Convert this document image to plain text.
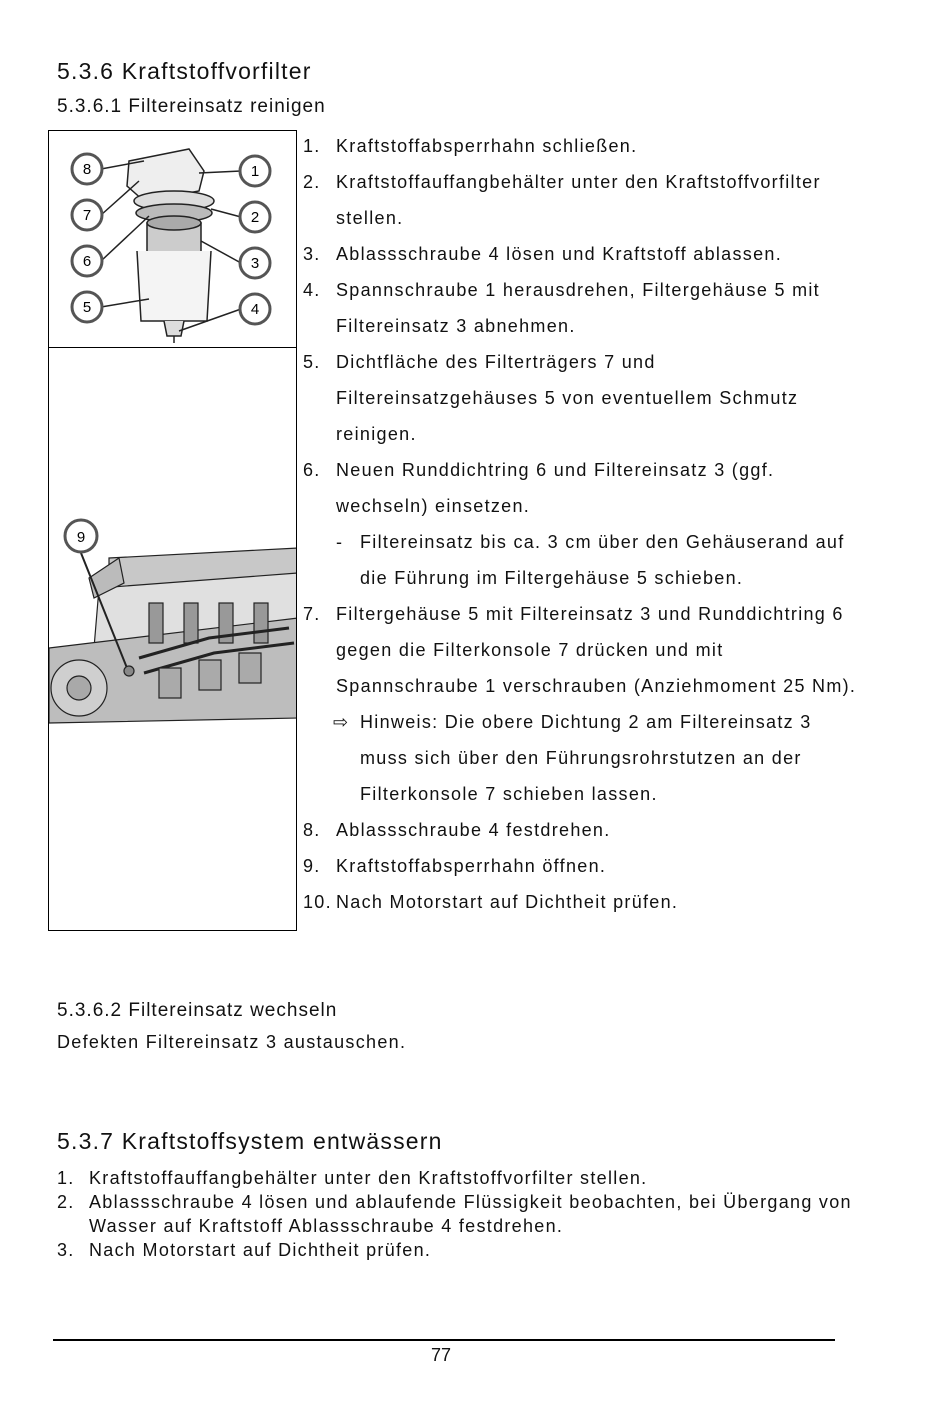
5.3.6 Kraftstoffvorfilter
5.3.6.1 Filtereinsatz reinigen
8	1
7	2
6	3
5	4
9
1. Kraftstoffabsperrhahn schließen.
2. Kraftstoffauffangbehälter unter den Kraftstoffvorfilter
stellen.
3. Ablassschraube 4 lösen und Kraftstoff ablassen.
4. Spannschraube 1 herausdrehen, Filtergehäuse 5 mit
Filtereinsatz 3 abnehmen.
5. Dichtfläche des Filterträgers 7 und
Filtereinsatzgehäuses 5 von eventuellem Schmutz
reinigen.
6. Neuen Runddichtring 6 und Filtereinsatz 3 (ggf.
wechseln) einsetzen.
- Filtereinsatz bis ca. 3 cm über den Gehäuserand auf
die Führung im Filtergehäuse 5 schieben.
7. Filtergehäuse 5 mit Filtereinsatz 3 und Runddichtring 6
gegen die Filterkonsole 7 drücken und mit
Spannschraube 1 verschrauben (Anziehmoment 25 Nm).
⇨ Hinweis: Die obere Dichtung 2 am Filtereinsatz 3
muss sich über den Führungsrohrstutzen an der
Filterkonsole 7 schieben lassen.
8. Ablassschraube 4 festdrehen.
9. Kraftstoffabsperrhahn öffnen.
10. Nach Motorstart auf Dichtheit prüfen.
5.3.6.2 Filtereinsatz wechseln
Defekten Filtereinsatz 3 austauschen.
5.3.7 Kraftstoffsystem entwässern
1. Kraftstoffauffangbehälter unter den Kraftstoffvorfilter stellen.
2. Ablassschraube 4 lösen und ablaufende Flüssigkeit beobachten, bei Übergang von
Wasser auf Kraftstoff Ablassschraube 4 festdrehen.
3. Nach Motorstart auf Dichtheit prüfen.
77
